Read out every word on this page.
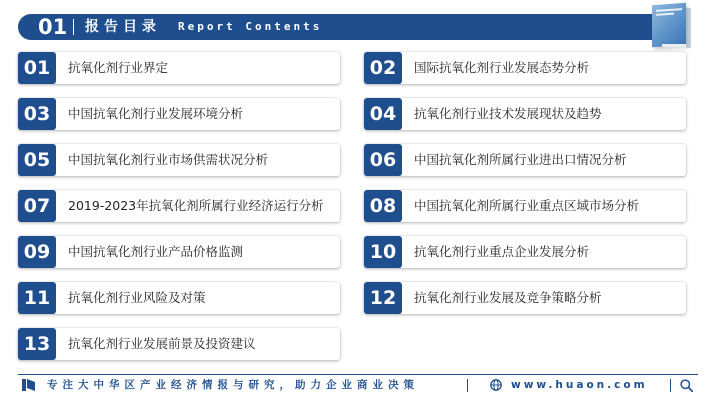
01 报告目录 Report Contents
01	抗氧化剂行业界定	02	国际抗氧化剂行业发展态势分析
03	中国抗氧化剂行业发展环境分析	04	抗氧化剂行业技术发展现状及趋势
05	中国抗氧化剂行业市场供需状况分析	06	中国抗氧化剂所属行业进出口情况分析
07	2019-2023年抗氧化剂所属行业经济运行分析	08	中国抗氧化剂所属行业重点区域市场分析
09	中国抗氧化剂行业产品价格监测	10	抗氧化剂行业重点企业发展分析
11	抗氧化剂行业风险及对策	12	抗氧化剂行业发展及竞争策略分析
13	抗氧化剂行业发展前景及投资建议
专注大中华区产业经济情报与研究，助力企业商业决策	www.huaon.com
